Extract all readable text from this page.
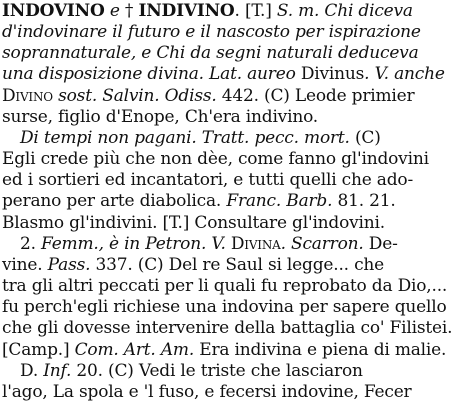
INDOVINO e † INDIVINO. [T.] S. m. Chi diceva
d'indovinare il futuro e il nascosto per ispirazione
soprannaturale, e Chi da segni naturali deduceva
una disposizione divina. Lat. aureo Divinus. V. anche
Divino sost. Salvin. Odiss. 442. (C) Leode primier
surse, figlio d'Enope, Ch'era indivino.
Di tempi non pagani. Tratt. pecc. mort. (C)
Egli crede più che non dèe, come fanno gl'indovini
ed i sortieri ed incantatori, e tutti quelli che ado-
perano per arte diabolica. Franc. Barb. 81. 21.
Blasmo gl'indivini. [T.] Consultare gl'indovini.
2. Femm., è in Petron. V. Divina. Scarron. De-
vine. Pass. 337. (C) Del re Saul si legge... che
tra gli altri peccati per li quali fu reprobato da Dio,...
fu perch'egli richiese una indovina per sapere quello
che gli dovesse intervenire della battaglia co' Filistei.
[Camp.] Com. Art. Am. Era indivina e piena di malie.
D. Inf. 20. (C) Vedi le triste che lasciaron
l'ago, La spola e 'l fuso, e fecersi indovine, Fecer
